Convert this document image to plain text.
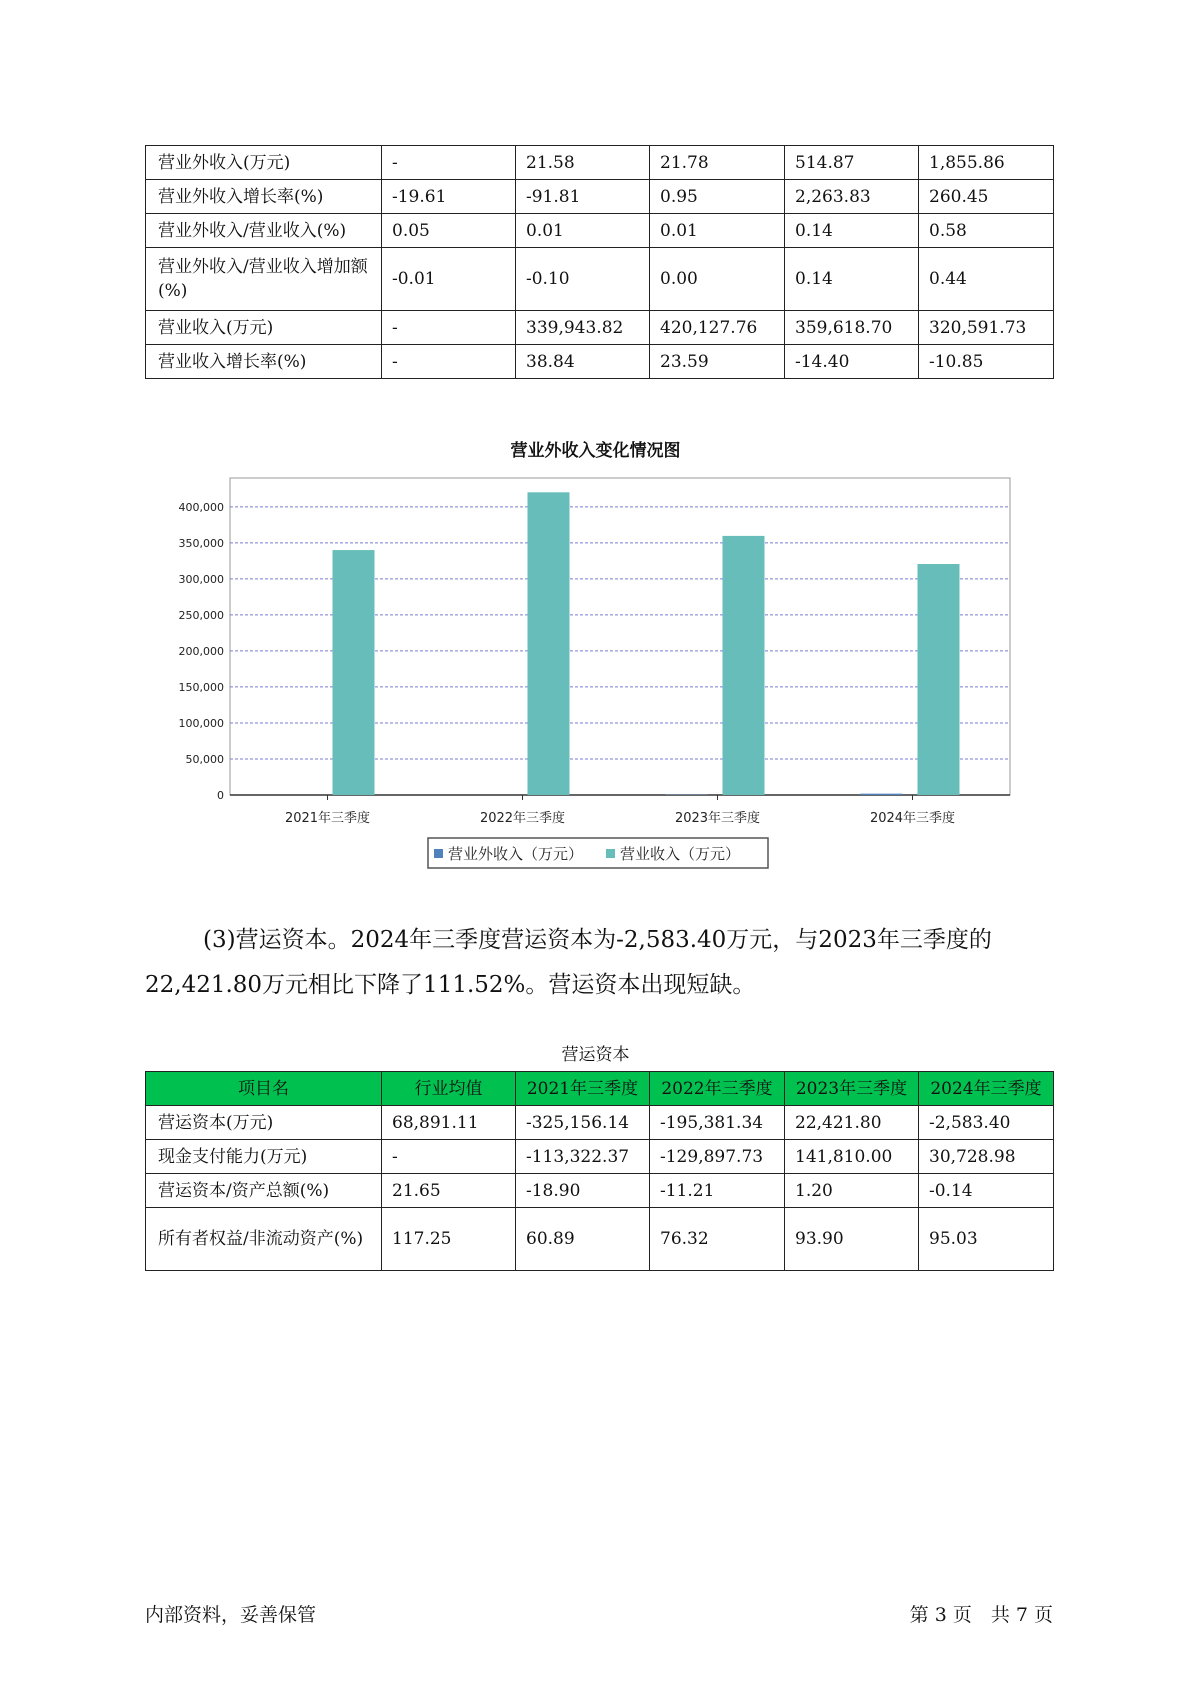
营业外收入(万元)	-	21.58	21.78	514.87	1,855.86
营业外收入增长率(%)	-19.61	-91.81	0.95	2,263.83	260.45
营业外收入/营业收入(%)	0.05	0.01	0.01	0.14	0.58
营业外收入/营业收入增加额(%)	-0.01	-0.10	0.00	0.14	0.44
营业收入(万元)	-	339,943.82	420,127.76	359,618.70	320,591.73
营业收入增长率(%)	-	38.84	23.59	-14.40	-10.85
营业外收入变化情况图
0
50,000
100,000
150,000
200,000
250,000
300,000
350,000
400,000
2021年三季度	2022年三季度	2023年三季度	2024年三季度
营业外收入（万元） 营业收入（万元）

(3)营运资本。2024年三季度营运资本为-2,583.40万元，与2023年三季度的22,421.80万元相比下降了111.52%。营运资本出现短缺。

营运资本
项目名	行业均值	2021年三季度	2022年三季度	2023年三季度	2024年三季度
营运资本(万元)	68,891.11	-325,156.14	-195,381.34	22,421.80	-2,583.40
现金支付能力(万元)	-	-113,322.37	-129,897.73	141,810.00	30,728.98
营运资本/资产总额(%)	21.65	-18.90	-11.21	1.20	-0.14
所有者权益/非流动资产(%)	117.25	60.89	76.32	93.90	95.03
内部资料，妥善保管	第 3 页　共 7 页
